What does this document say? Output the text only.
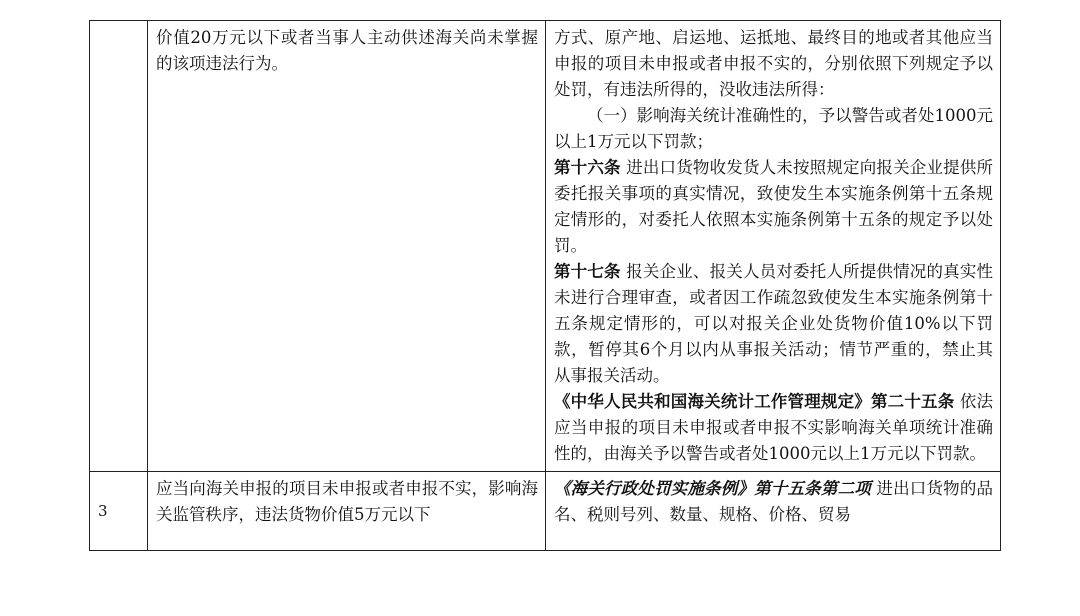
	价值20万元以下或者当事人主动供述海关尚未掌握的该项违法行为。	方式、原产地、启运地、运抵地、最终目的地或者其他应当申报的项目未申报或者申报不实的，分别依照下列规定予以处罚，有违法所得的，没收违法所得：

（一）影响海关统计准确性的，予以警告或者处1000元以上1万元以下罚款；

第十六条 进出口货物收发货人未按照规定向报关企业提供所委托报关事项的真实情况，致使发生本实施条例第十五条规定情形的，对委托人依照本实施条例第十五条的规定予以处罚。

第十七条 报关企业、报关人员对委托人所提供情况的真实性未进行合理审查，或者因工作疏忽致使发生本实施条例第十五条规定情形的，可以对报关企业处货物价值10%以下罚款，暂停其6个月以内从事报关活动；情节严重的，禁止其从事报关活动。

《中华人民共和国海关统计工作管理规定》第二十五条 依法应当申报的项目未申报或者申报不实影响海关单项统计准确性的，由海关予以警告或者处1000元以上1万元以下罚款。

3	应当向海关申报的项目未申报或者申报不实，影响海关监管秩序，违法货物价值5万元以下	《海关行政处罚实施条例》第十五条第二项 进出口货物的品名、税则号列、数量、规格、价格、贸易
